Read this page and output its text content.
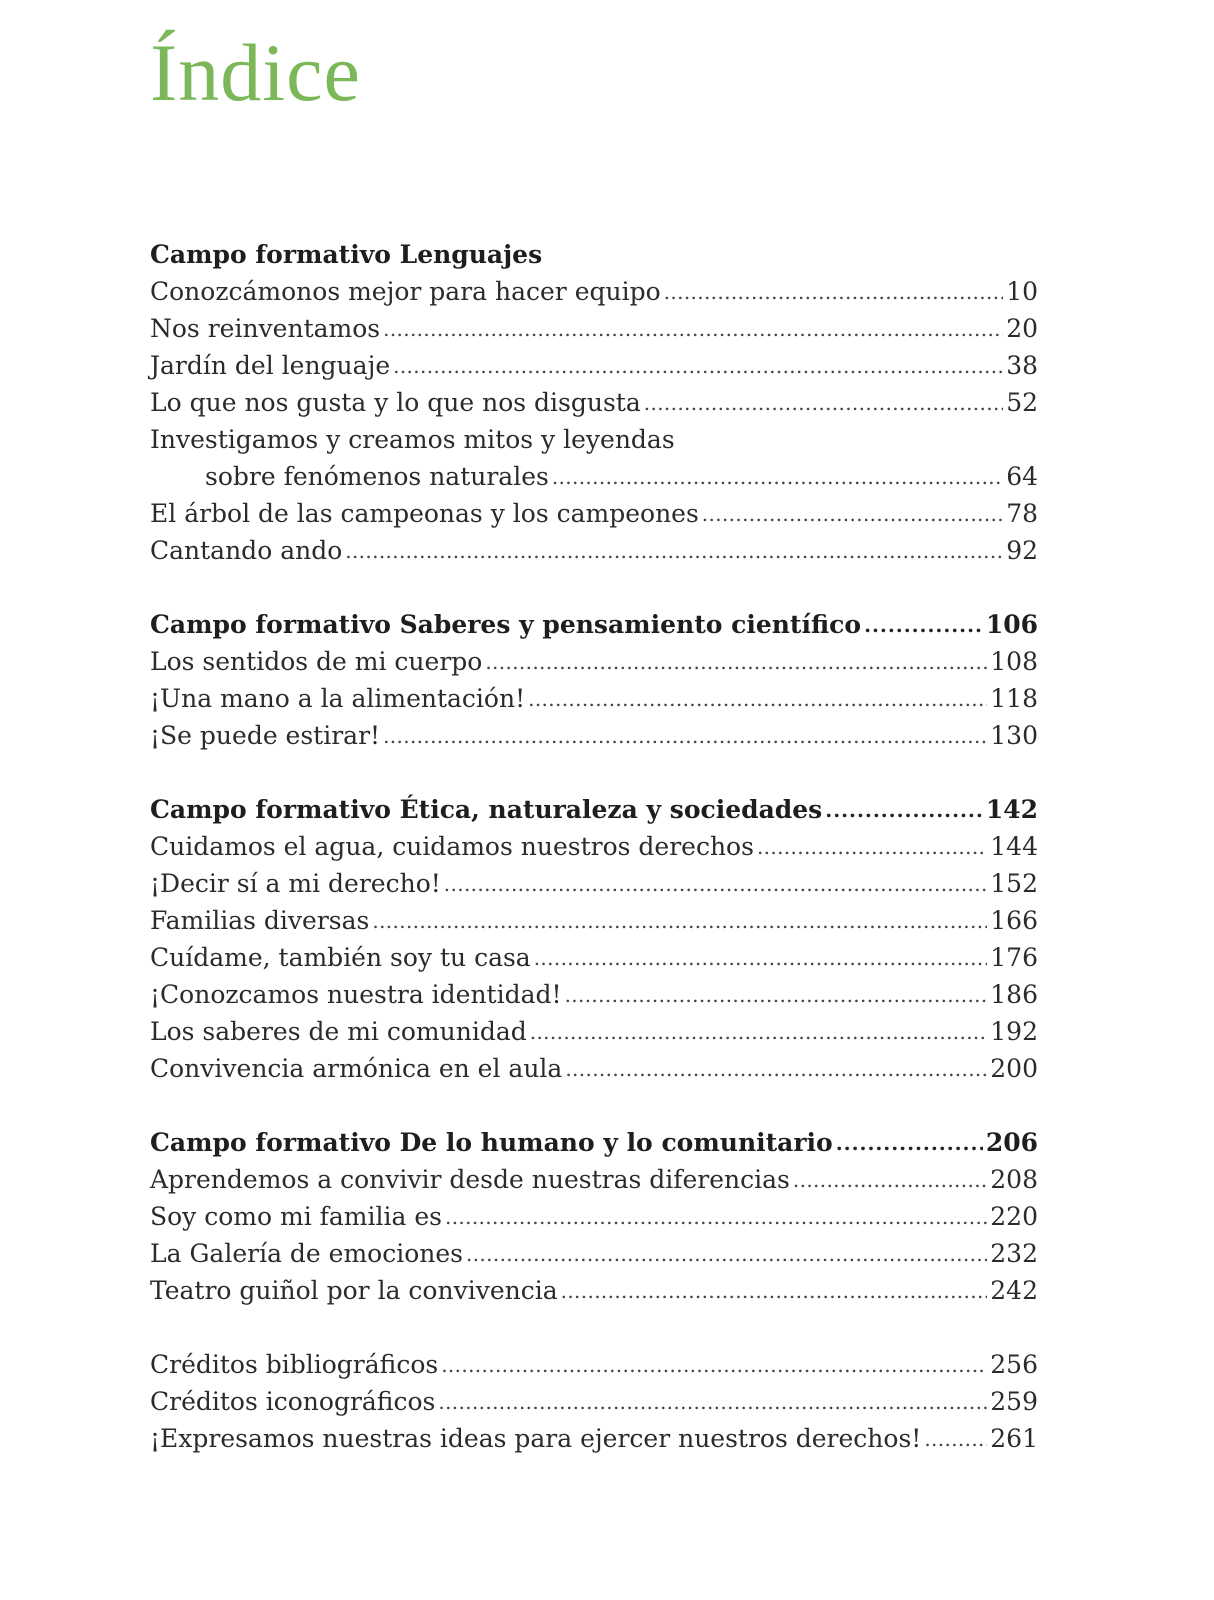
Índice
Campo formativo Lenguajes
Conozcámonos mejor para hacer equipo . . .	10
Nos reinventamos . . .	20
Jardín del lenguaje . . .	38
Lo que nos gusta y lo que nos disgusta . . .	52
Investigamos y creamos mitos y leyendas
sobre fenómenos naturales . . .	64
El árbol de las campeonas y los campeones . . .	78
Cantando ando . . .	92
Campo formativo Saberes y pensamiento científico . . .	106
Los sentidos de mi cuerpo . . .	108
¡Una mano a la alimentación! . . .	118
¡Se puede estirar! . . .	130
Campo formativo Ética, naturaleza y sociedades . . .	142
Cuidamos el agua, cuidamos nuestros derechos . . .	144
¡Decir sí a mi derecho! . . .	152
Familias diversas . . .	166
Cuídame, también soy tu casa . . .	176
¡Conozcamos nuestra identidad! . . .	186
Los saberes de mi comunidad . . .	192
Convivencia armónica en el aula . . .	200
Campo formativo De lo humano y lo comunitario . . .	206
Aprendemos a convivir desde nuestras diferencias . . .	208
Soy como mi familia es . . .	220
La Galería de emociones . . .	232
Teatro guiñol por la convivencia . . .	242
Créditos bibliográficos . . .	256
Créditos iconográficos . . .	259
¡Expresamos nuestras ideas para ejercer nuestros derechos! . . .	261
